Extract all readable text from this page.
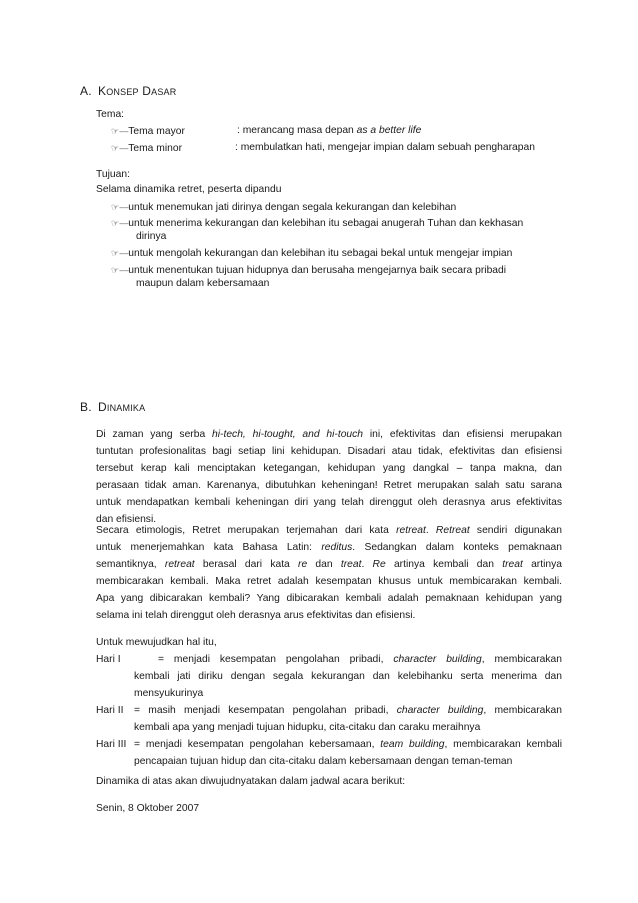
A. KONSEP DASAR
Tema:
☞-----Tema mayor	: merancang masa depan as a better life
☞-----Tema minor	: membulatkan hati, mengejar impian dalam sebuah pengharapan
Tujuan:
Selama dinamika retret, peserta dipandu
☞-----untuk menemukan jati dirinya dengan segala kekurangan dan kelebihan
☞-----untuk menerima kekurangan dan kelebihan itu sebagai anugerah Tuhan dan kekhasan
dirinya
☞-----untuk mengolah kekurangan dan kelebihan itu sebagai bekal untuk mengejar impian
☞-----untuk menentukan tujuan hidupnya dan berusaha mengejarnya baik secara pribadi
maupun dalam kebersamaan
B. DINAMIKA

Di zaman yang serba hi-tech, hi-tought, and hi-touch ini, efektivitas dan efisiensi merupakan

tuntutan profesionalitas bagi setiap lini kehidupan. Disadari atau tidak, efektivitas dan efisiensi

tersebut kerap kali menciptakan ketegangan, kehidupan yang dangkal – tanpa makna, dan

perasaan tidak aman. Karenanya, dibutuhkan keheningan! Retret merupakan salah satu sarana

untuk mendapatkan kembali keheningan diri yang telah direnggut oleh derasnya arus efektivitas

dan efisiensi.

Secara etimologis, Retret merupakan terjemahan dari kata retreat. Retreat sendiri digunakan

untuk menerjemahkan kata Bahasa Latin: reditus. Sedangkan dalam konteks pemaknaan

semantiknya, retreat berasal dari kata re dan treat. Re artinya kembali dan treat artinya

membicarakan kembali. Maka retret adalah kesempatan khusus untuk membicarakan kembali.

Apa yang dibicarakan kembali? Yang dibicarakan kembali adalah pemaknaan kehidupan yang

selama ini telah direnggut oleh derasnya arus efektivitas dan efisiensi.

Untuk mewujudkan hal itu,
Hari I	= menjadi kesempatan pengolahan pribadi, character building, membicarakan
kembali jati diriku dengan segala kekurangan dan kelebihanku serta menerima dan
mensyukurinya
Hari II = masih menjadi kesempatan pengolahan pribadi, character building, membicarakan
kembali apa yang menjadi tujuan hidupku, cita-citaku dan caraku meraihnya
Hari III = menjadi kesempatan pengolahan kebersamaan, team building, membicarakan kembali
pencapaian tujuan hidup dan cita-citaku dalam kebersamaan dengan teman-teman
Dinamika di atas akan diwujudnyatakan dalam jadwal acara berikut:
Senin, 8 Oktober 2007
